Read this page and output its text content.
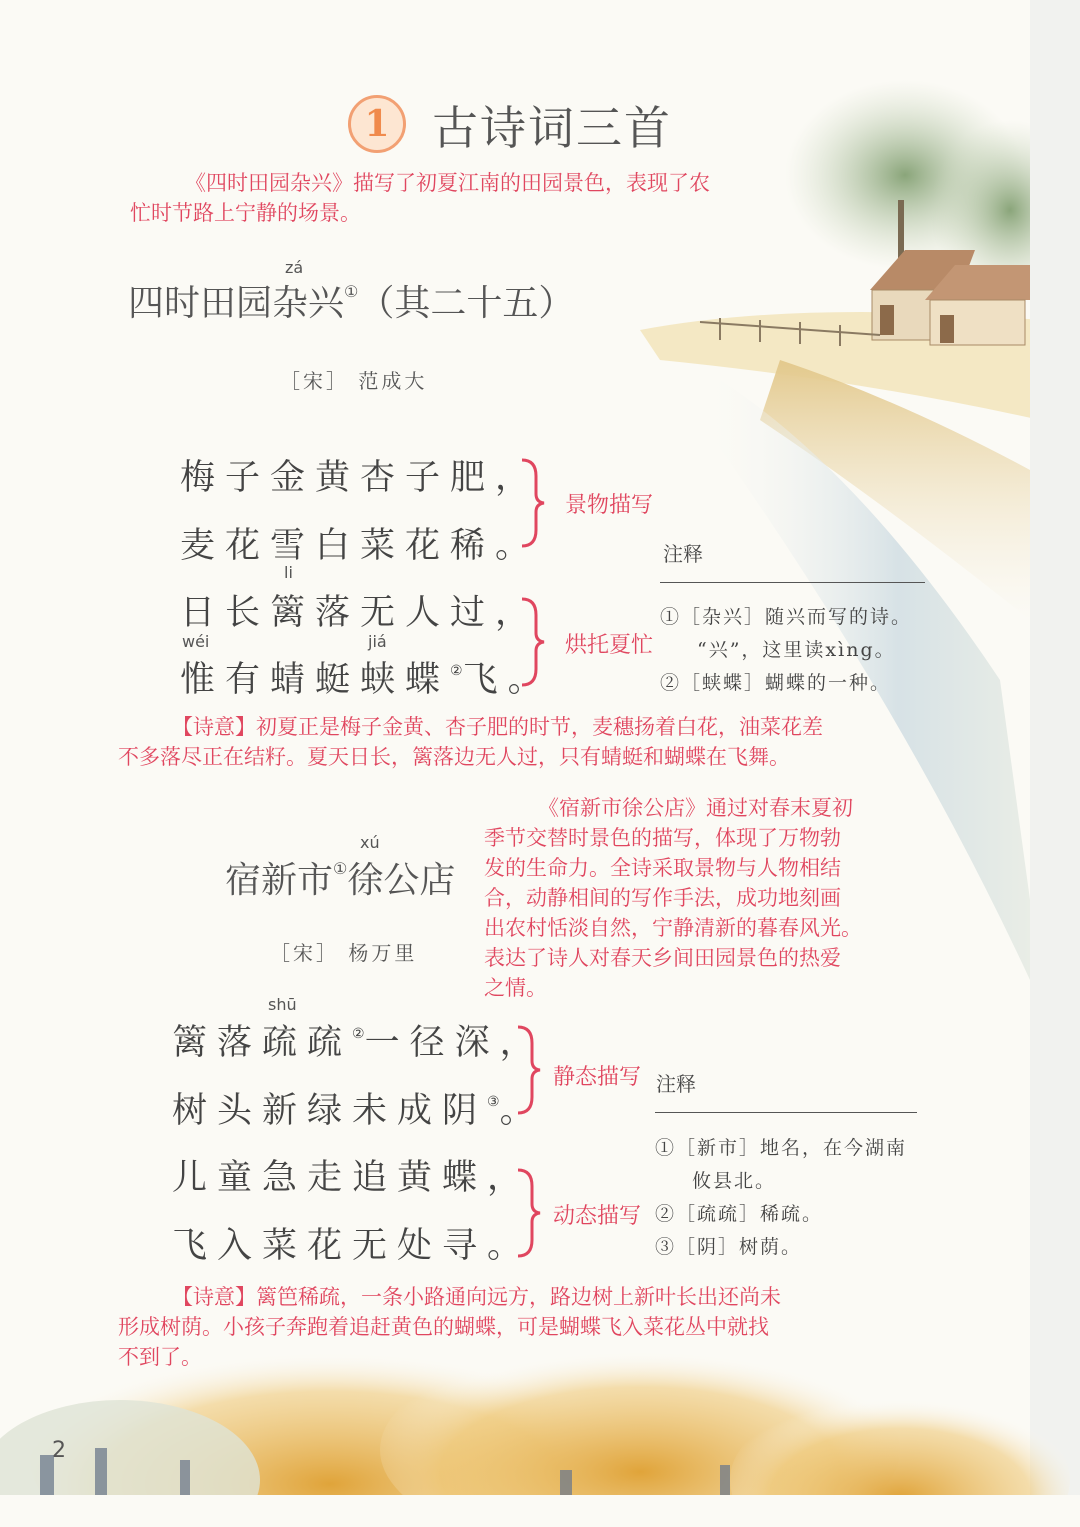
1 古诗词三首
《四时田园杂兴》描写了初夏江南的田园景色，表现了农
忙时节路上宁静的场景。
zá
四时田园杂兴①（其二十五）
［宋］ 范成大
梅子金黄杏子肥，
麦花雪白菜花稀。
li
日长篱落无人过，
wéi	jiá
惟有蜻蜓蛱蝶②飞。
景物描写
烘托夏忙
注释
①［杂兴］随兴而写的诗。
“兴”，这里读xìng。
②［蛱蝶］蝴蝶的一种。
【诗意】初夏正是梅子金黄、杏子肥的时节，麦穗扬着白花，油菜花差
不多落尽正在结籽。夏天日长，篱落边无人过，只有蜻蜓和蝴蝶在飞舞。
《宿新市徐公店》通过对春末夏初
季节交替时景色的描写，体现了万物勃
发的生命力。全诗采取景物与人物相结
合，动静相间的写作手法，成功地刻画
出农村恬淡自然，宁静清新的暮春风光。
表达了诗人对春天乡间田园景色的热爱
之情。
xú
宿新市①徐公店
［宋］ 杨万里
shū
篱落疏疏②一径深，
树头新绿未成阴③。
儿童急走追黄蝶，
飞入菜花无处寻。
静态描写
动态描写
注释
①［新市］地名，在今湖南
攸县北。
②［疏疏］稀疏。
③［阴］树荫。
【诗意】篱笆稀疏，一条小路通向远方，路边树上新叶长出还尚未
形成树荫。小孩子奔跑着追赶黄色的蝴蝶，可是蝴蝶飞入菜花丛中就找
不到了。
2
